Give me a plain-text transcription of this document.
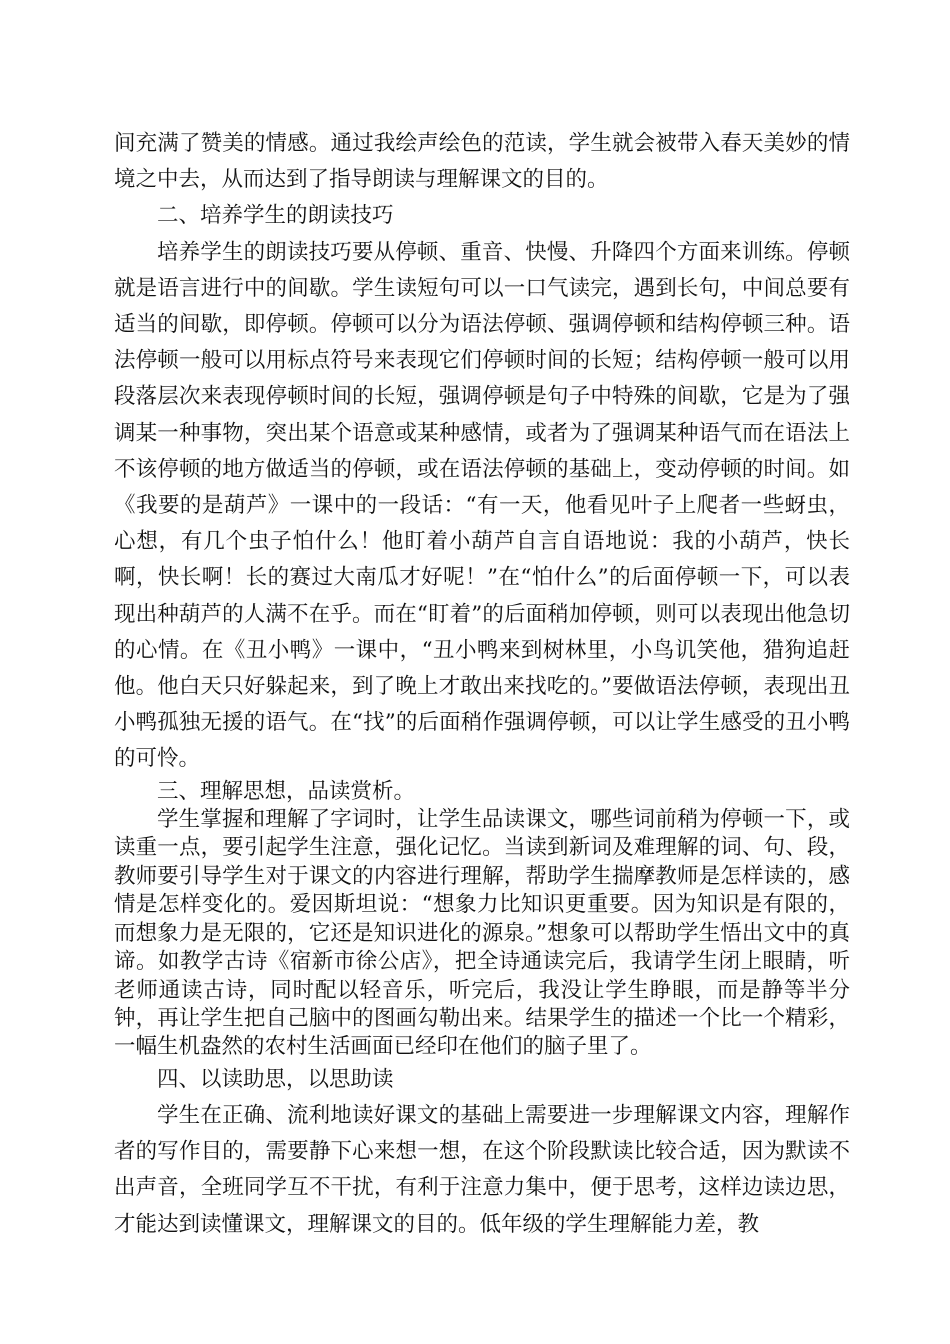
间充满了赞美的情感。通过我绘声绘色的范读，学生就会被带入春天美妙的情境之中去，从而达到了指导朗读与理解课文的目的。

二、培养学生的朗读技巧

培养学生的朗读技巧要从停顿、重音、快慢、升降四个方面来训练。停顿就是语言进行中的间歇。学生读短句可以一口气读完，遇到长句，中间总要有适当的间歇，即停顿。停顿可以分为语法停顿、强调停顿和结构停顿三种。语法停顿一般可以用标点符号来表现它们停顿时间的长短；结构停顿一般可以用段落层次来表现停顿时间的长短，强调停顿是句子中特殊的间歇，它是为了强调某一种事物，突出某个语意或某种感情，或者为了强调某种语气而在语法上不该停顿的地方做适当的停顿，或在语法停顿的基础上，变动停顿的时间。如《我要的是葫芦》一课中的一段话：“有一天，他看见叶子上爬者一些蚜虫，心想，有几个虫子怕什么！他盯着小葫芦自言自语地说：我的小葫芦，快长啊，快长啊！长的赛过大南瓜才好呢！”在“怕什么”的后面停顿一下，可以表现出种葫芦的人满不在乎。而在“盯着”的后面稍加停顿，则可以表现出他急切的心情。在《丑小鸭》一课中，“丑小鸭来到树林里，小鸟讥笑他，猎狗追赶他。他白天只好躲起来，到了晚上才敢出来找吃的。”要做语法停顿，表现出丑小鸭孤独无援的语气。在“找”的后面稍作强调停顿，可以让学生感受的丑小鸭的可怜。

三、理解思想，品读赏析。

学生掌握和理解了字词时，让学生品读课文，哪些词前稍为停顿一下，或读重一点，要引起学生注意，强化记忆。当读到新词及难理解的词、句、段，教师要引导学生对于课文的内容进行理解，帮助学生揣摩教师是怎样读的，感情是怎样变化的。爱因斯坦说：“想象力比知识更重要。因为知识是有限的，而想象力是无限的，它还是知识进化的源泉。”想象可以帮助学生悟出文中的真谛。如教学古诗《宿新市徐公店》，把全诗通读完后，我请学生闭上眼睛，听老师通读古诗，同时配以轻音乐，听完后，我没让学生睁眼，而是静等半分钟，再让学生把自己脑中的图画勾勒出来。结果学生的描述一个比一个精彩，一幅生机盎然的农村生活画面已经印在他们的脑子里了。

四、以读助思，以思助读

学生在正确、流利地读好课文的基础上需要进一步理解课文内容，理解作者的写作目的，需要静下心来想一想，在这个阶段默读比较合适，因为默读不出声音，全班同学互不干扰，有利于注意力集中，便于思考，这样边读边思，才能达到读懂课文，理解课文的目的。低年级的学生理解能力差，教
